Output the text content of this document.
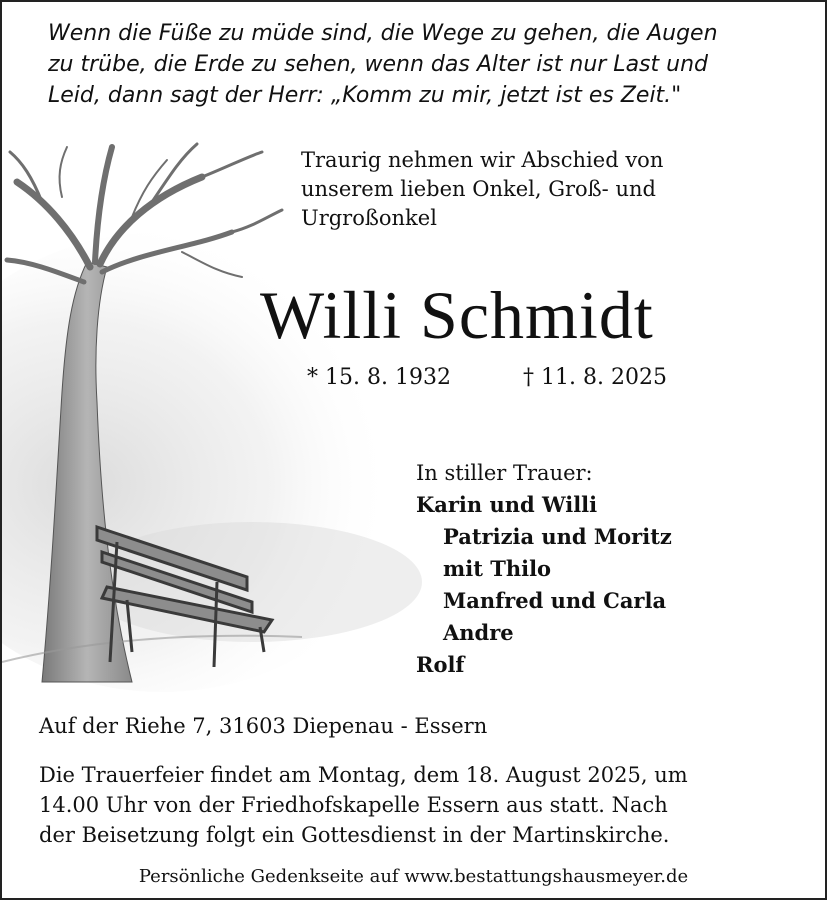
Wenn die Füße zu müde sind, die Wege zu gehen, die Augen
zu trübe, die Erde zu sehen, wenn das Alter ist nur Last und
Leid, dann sagt der Herr: „Komm zu mir, jetzt ist es Zeit."
Traurig nehmen wir Abschied von
unserem lieben Onkel, Groß- und
Urgroßonkel
Willi Schmidt
* 15. 8. 1932	† 11. 8. 2025
In stiller Trauer:
Karin und Willi
Patrizia und Moritz
mit Thilo
Manfred und Carla
Andre
Rolf
Auf der Riehe 7, 31603 Diepenau - Essern
Die Trauerfeier findet am Montag, dem 18. August 2025, um
14.00 Uhr von der Friedhofskapelle Essern aus statt. Nach
der Beisetzung folgt ein Gottesdienst in der Martinskirche.
Persönliche Gedenkseite auf www.bestattungshausmeyer.de
